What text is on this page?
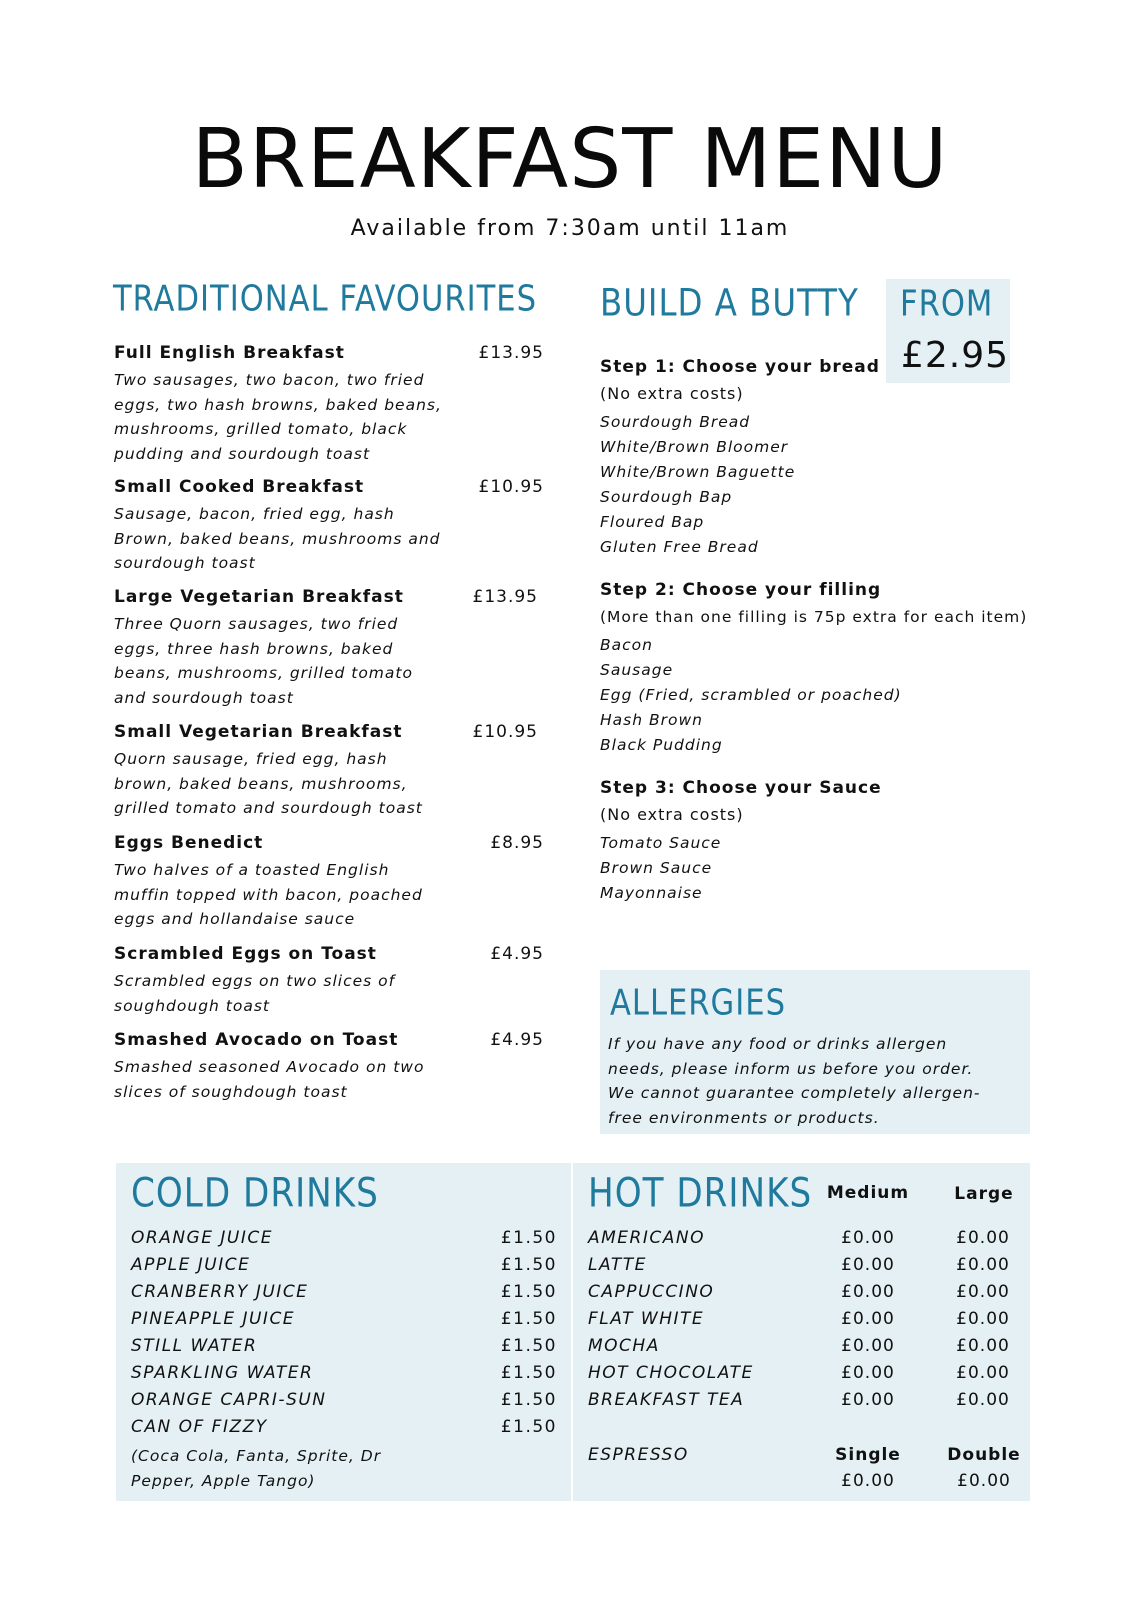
BREAKFAST MENU
Available from 7:30am until 11am
TRADITIONAL FAVOURITES
Full English Breakfast	£13.95
Two sausages, two bacon, two fried eggs, two hash browns, baked beans, mushrooms, grilled tomato, black pudding and sourdough toast
Small Cooked Breakfast	£10.95
Sausage, bacon, fried egg, hash Brown, baked beans, mushrooms and sourdough toast
Large Vegetarian Breakfast	£13.95
Three Quorn sausages, two fried eggs, three hash browns, baked beans, mushrooms, grilled tomato and sourdough toast
Small Vegetarian Breakfast	£10.95
Quorn sausage, fried egg, hash brown, baked beans, mushrooms, grilled tomato and sourdough toast
Eggs Benedict	£8.95
Two halves of a toasted English muffin topped with bacon, poached eggs and hollandaise sauce
Scrambled Eggs on Toast	£4.95
Scrambled eggs on two slices of soughdough toast
Smashed Avocado on Toast	£4.95
Smashed seasoned Avocado on two slices of soughdough toast
BUILD A BUTTY FROM
£2.95
Step 1: Choose your bread
(No extra costs)
Sourdough Bread
White/Brown Bloomer
White/Brown Baguette
Sourdough Bap
Floured Bap
Gluten Free Bread
Step 2: Choose your filling
(More than one filling is 75p extra for each item)
Bacon
Sausage
Egg (Fried, scrambled or poached)
Hash Brown
Black Pudding
Step 3: Choose your Sauce
(No extra costs)
Tomato Sauce
Brown Sauce
Mayonnaise
ALLERGIES
If you have any food or drinks allergen needs, please inform us before you order. We cannot guarantee completely allergen-free environments or products.
COLD DRINKS
ORANGE JUICE	£1.50
APPLE JUICE	£1.50
CRANBERRY JUICE	£1.50
PINEAPPLE JUICE	£1.50
STILL WATER	£1.50
SPARKLING WATER	£1.50
ORANGE CAPRI-SUN	£1.50
CAN OF FIZZY	£1.50
(Coca Cola, Fanta, Sprite, Dr Pepper, Apple Tango)
HOT DRINKS Medium	Large
AMERICANO	£0.00	£0.00
LATTE	£0.00	£0.00
CAPPUCCINO	£0.00	£0.00
FLAT WHITE	£0.00	£0.00
MOCHA	£0.00	£0.00
HOT CHOCOLATE	£0.00	£0.00
BREAKFAST TEA	£0.00	£0.00
ESPRESSO	Single	Double
£0.00	£0.00
